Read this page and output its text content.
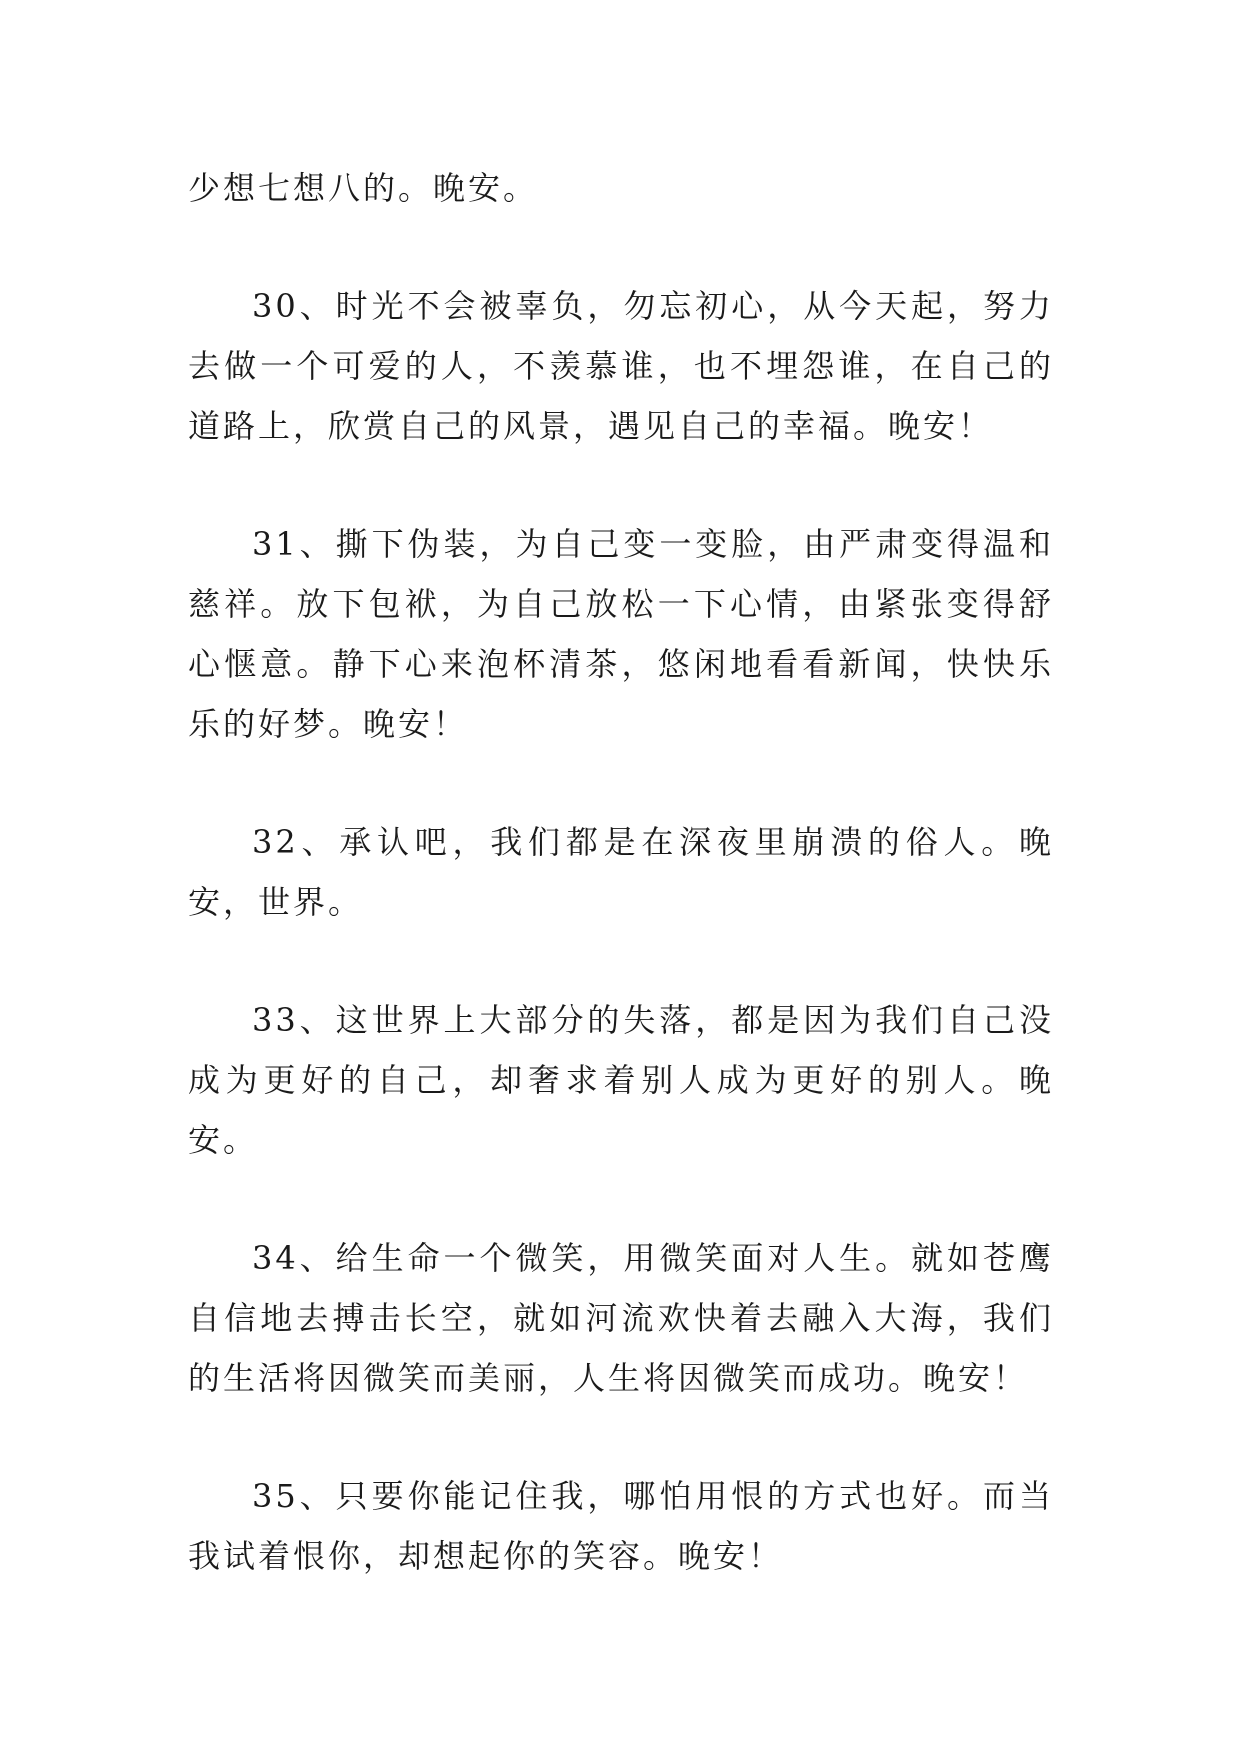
少想七想八的。晚安。

30、时光不会被辜负，勿忘初心，从今天起，努力去做一个可爱的人，不羡慕谁，也不埋怨谁，在自己的道路上，欣赏自己的风景，遇见自己的幸福。晚安！

31、撕下伪装，为自己变一变脸，由严肃变得温和慈祥。放下包袱，为自己放松一下心情，由紧张变得舒心惬意。静下心来泡杯清茶，悠闲地看看新闻，快快乐乐的好梦。晚安！

32、承认吧，我们都是在深夜里崩溃的俗人。晚安，世界。

33、这世界上大部分的失落，都是因为我们自己没成为更好的自己，却奢求着别人成为更好的别人。晚安。

34、给生命一个微笑，用微笑面对人生。就如苍鹰自信地去搏击长空，就如河流欢快着去融入大海，我们的生活将因微笑而美丽，人生将因微笑而成功。晚安！

35、只要你能记住我，哪怕用恨的方式也好。而当我试着恨你，却想起你的笑容。晚安！
